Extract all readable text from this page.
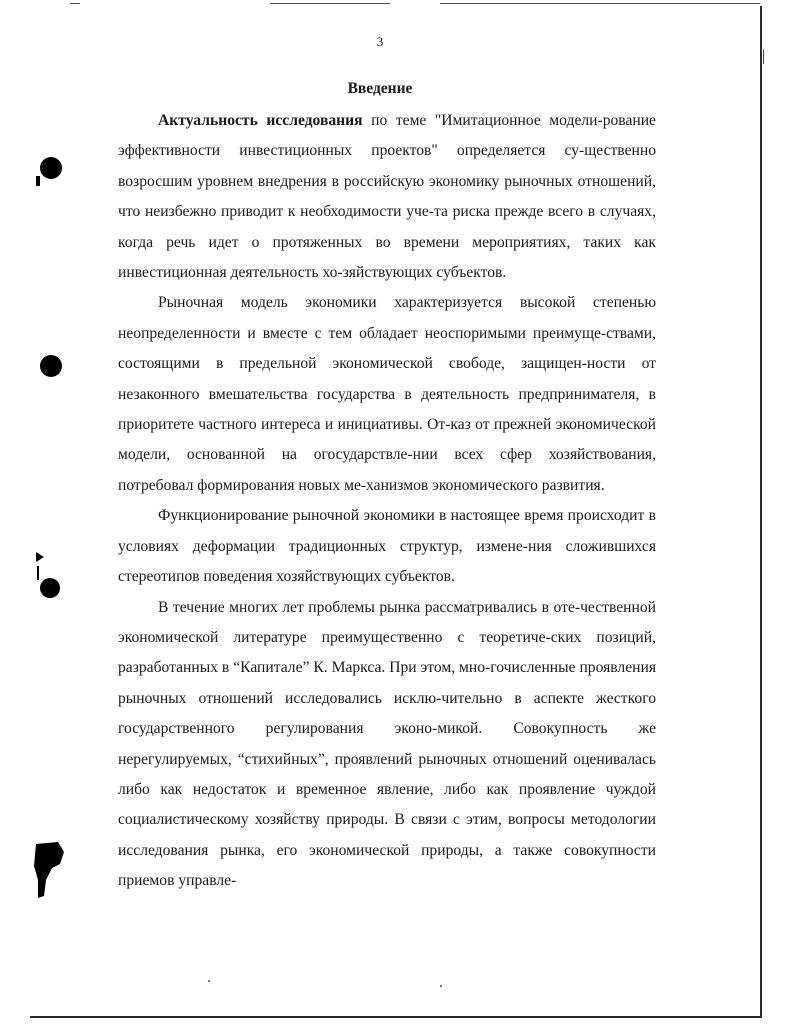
3
Введение

Актуальность исследования по теме "Имитационное модели-рование эффективности инвестиционных проектов" определяется су-щественно возросшим уровнем внедрения в российскую экономику рыночных отношений, что неизбежно приводит к необходимости уче-та риска прежде всего в случаях, когда речь идет о протяженных во времени мероприятиях, таких как инвестиционная деятельность хо-зяйствующих субъектов.

Рыночная модель экономики характеризуется высокой степенью неопределенности и вместе с тем обладает неоспоримыми преимуще-ствами, состоящими в предельной экономической свободе, защищен-ности от незаконного вмешательства государства в деятельность предпринимателя, в приоритете частного интереса и инициативы. От-каз от прежней экономической модели, основанной на огосударствле-нии всех сфер хозяйствования, потребовал формирования новых ме-ханизмов экономического развития.

Функционирование рыночной экономики в настоящее время происходит в условиях деформации традиционных структур, измене-ния сложившихся стереотипов поведения хозяйствующих субъектов.

В течение многих лет проблемы рынка рассматривались в оте-чественной экономической литературе преимущественно с теоретиче-ских позиций, разработанных в “Капитале” К. Маркса. При этом, мно-гочисленные проявления рыночных отношений исследовались исклю-чительно в аспекте жесткого государственного регулирования эконо-микой. Совокупность же нерегулируемых, “стихийных”, проявлений рыночных отношений оценивалась либо как недостаток и временное явление, либо как проявление чуждой социалистическому хозяйству природы. В связи с этим, вопросы методологии исследования рынка, его экономической природы, а также совокупности приемов управле-
